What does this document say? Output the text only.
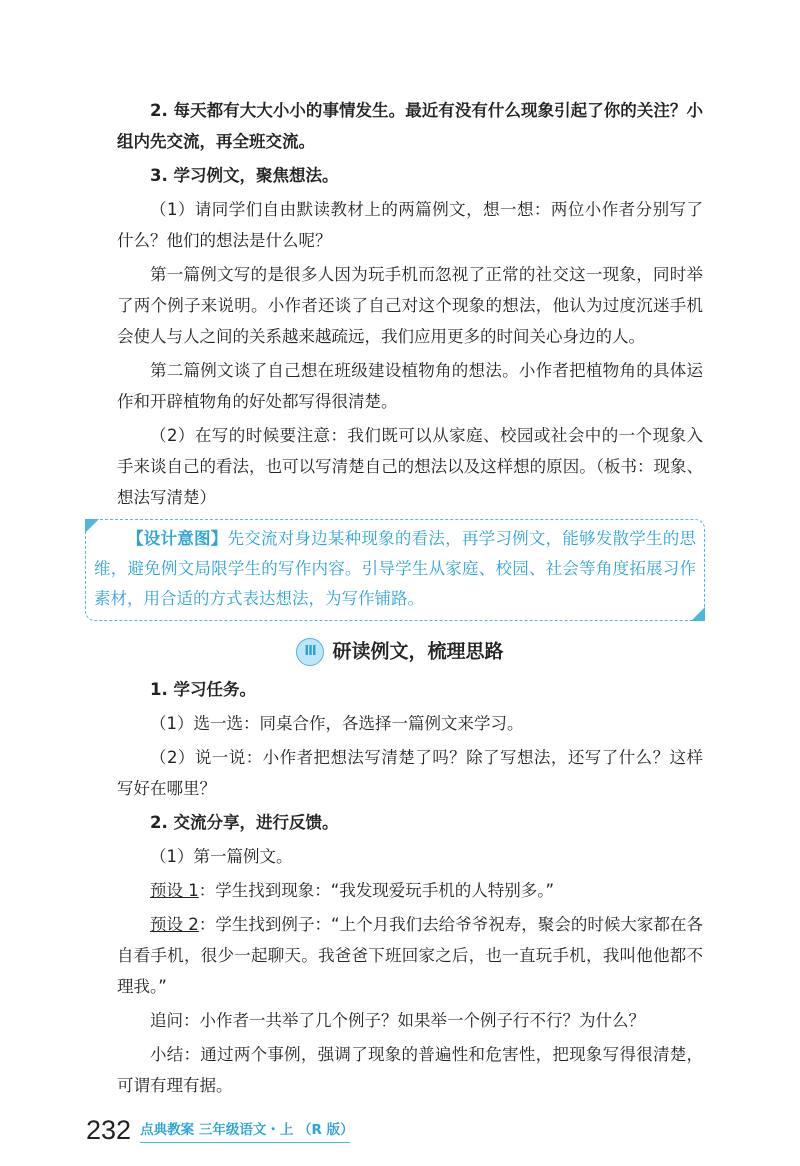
2. 每天都有大大小小的事情发生。最近有没有什么现象引起了你的关注？小组内先交流，再全班交流。

3. 学习例文，聚焦想法。

（1）请同学们自由默读教材上的两篇例文，想一想：两位小作者分别写了什么？他们的想法是什么呢？

第一篇例文写的是很多人因为玩手机而忽视了正常的社交这一现象，同时举了两个例子来说明。小作者还谈了自己对这个现象的想法，他认为过度沉迷手机会使人与人之间的关系越来越疏远，我们应用更多的时间关心身边的人。

第二篇例文谈了自己想在班级建设植物角的想法。小作者把植物角的具体运作和开辟植物角的好处都写得很清楚。

（2）在写的时候要注意：我们既可以从家庭、校园或社会中的一个现象入手来谈自己的看法，也可以写清楚自己的想法以及这样想的原因。（板书：现象、想法写清楚）

【设计意图】先交流对身边某种现象的看法，再学习例文，能够发散学生的思维，避免例文局限学生的写作内容。引导学生从家庭、校园、社会等角度拓展习作素材，用合适的方式表达想法，为写作铺路。

Ⅲ 研读例文，梳理思路

1. 学习任务。

（1）选一选：同桌合作，各选择一篇例文来学习。

（2）说一说：小作者把想法写清楚了吗？除了写想法，还写了什么？这样写好在哪里？

2. 交流分享，进行反馈。

（1）第一篇例文。

预设 1：学生找到现象：“我发现爱玩手机的人特别多。”

预设 2：学生找到例子：“上个月我们去给爷爷祝寿，聚会的时候大家都在各自看手机，很少一起聊天。我爸爸下班回家之后，也一直玩手机，我叫他他都不理我。”

追问：小作者一共举了几个例子？如果举一个例子行不行？为什么？

小结：通过两个事例，强调了现象的普遍性和危害性，把现象写得很清楚，可谓有理有据。

232 点典教案 三年级语文・上 （R 版）
